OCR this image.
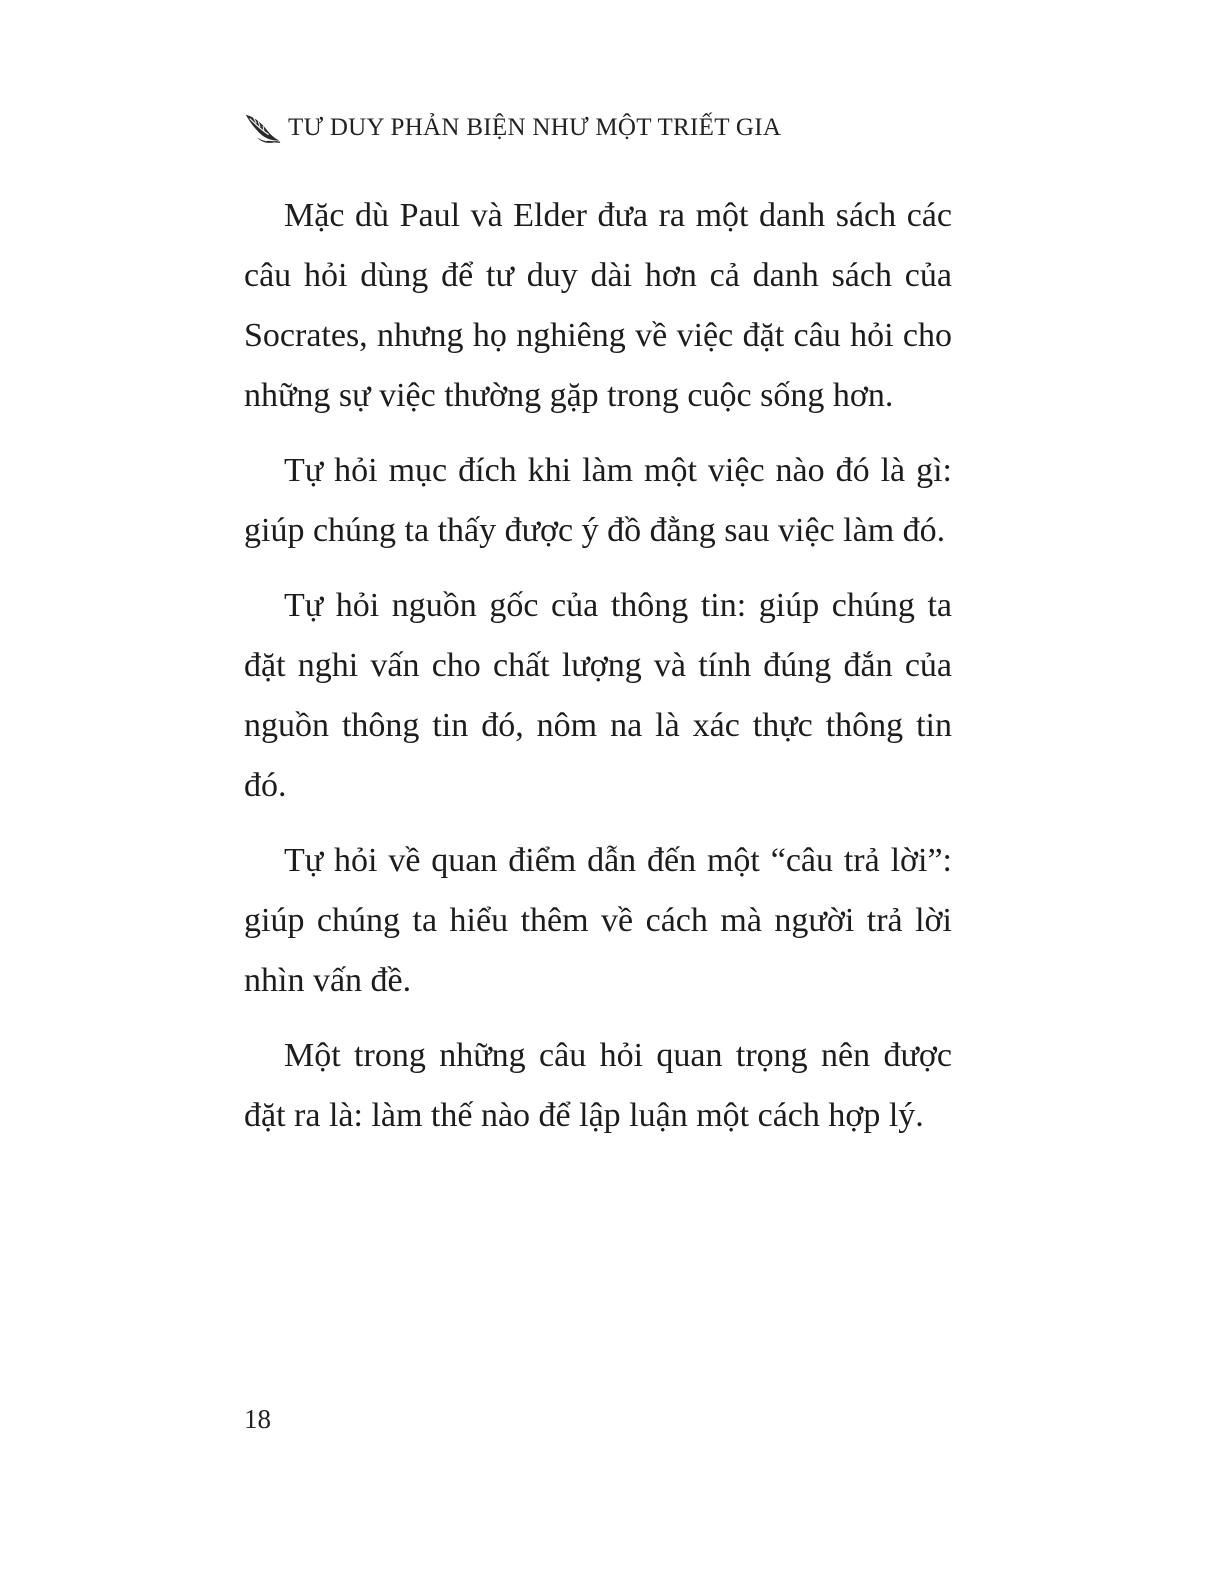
TƯ DUY PHẢN BIỆN NHƯ MỘT TRIẾT GIA

Mặc dù Paul và Elder đưa ra một danh sách các câu hỏi dùng để tư duy dài hơn cả danh sách của Socrates, nhưng họ nghiêng về việc đặt câu hỏi cho những sự việc thường gặp trong cuộc sống hơn.

Tự hỏi mục đích khi làm một việc nào đó là gì: giúp chúng ta thấy được ý đồ đằng sau việc làm đó.

Tự hỏi nguồn gốc của thông tin: giúp chúng ta đặt nghi vấn cho chất lượng và tính đúng đắn của nguồn thông tin đó, nôm na là xác thực thông tin đó.

Tự hỏi về quan điểm dẫn đến một “câu trả lời”: giúp chúng ta hiểu thêm về cách mà người trả lời nhìn vấn đề.

Một trong những câu hỏi quan trọng nên được đặt ra là: làm thế nào để lập luận một cách hợp lý.

18
